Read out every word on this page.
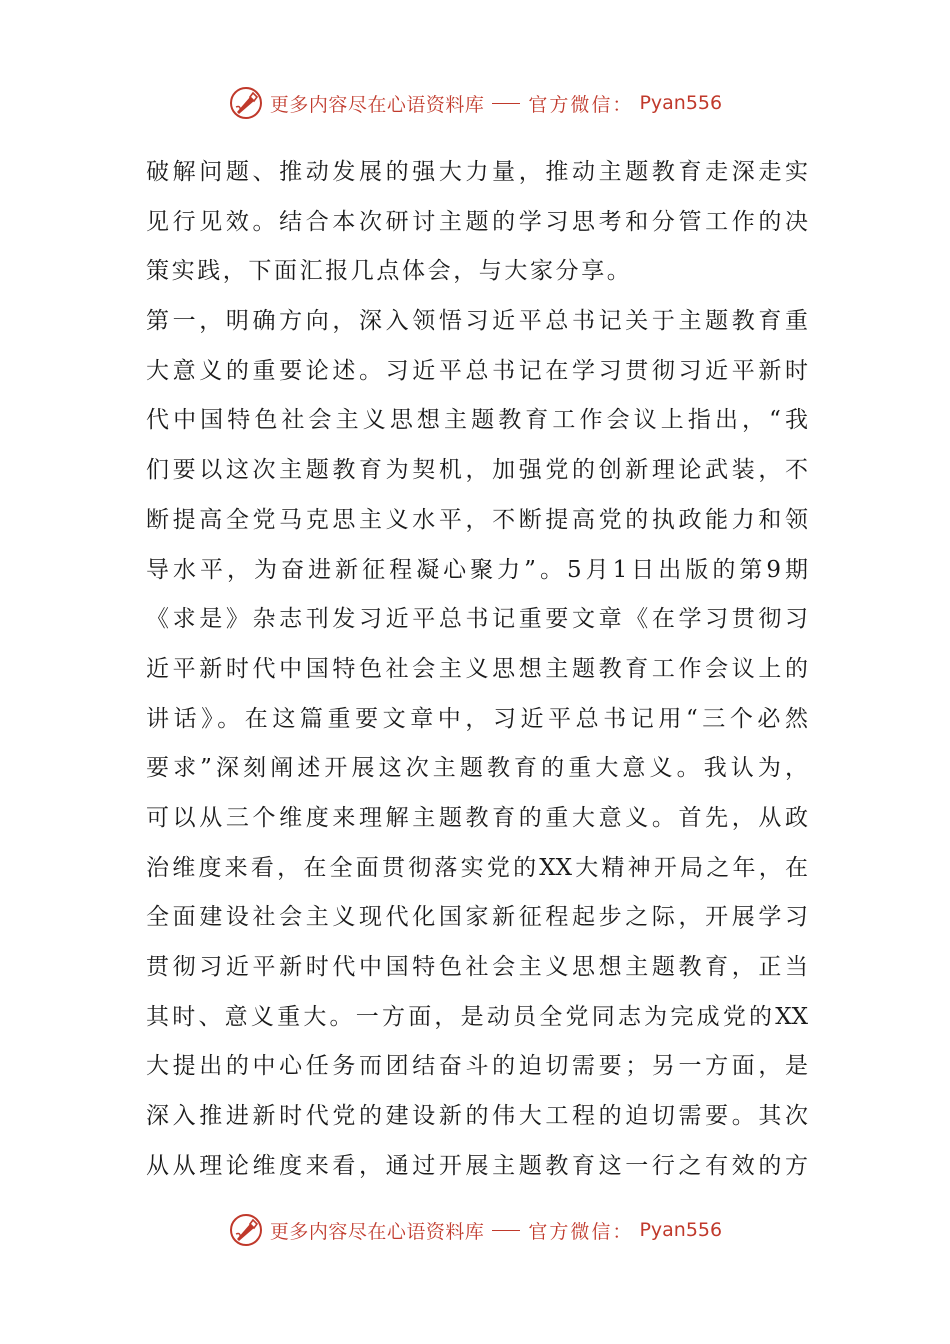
更多内容尽在心语资料库 官方微信： Pyan556
破解问题、推动发展的强大力量，推动主题教育走深走实
见行见效。结合本次研讨主题的学习思考和分管工作的决
策实践，下面汇报几点体会，与大家分享。
第一，明确方向，深入领悟习近平总书记关于主题教育重
大意义的重要论述。习近平总书记在学习贯彻习近平新时
代中国特色社会主义思想主题教育工作会议上指出，“我
们要以这次主题教育为契机，加强党的创新理论武装，不
断提高全党马克思主义水平，不断提高党的执政能力和领
导水平，为奋进新征程凝心聚力”。5月1日出版的第9期
《求是》杂志刊发习近平总书记重要文章《在学习贯彻习
近平新时代中国特色社会主义思想主题教育工作会议上的
讲话》。在这篇重要文章中，习近平总书记用“三个必然
要求”深刻阐述开展这次主题教育的重大意义。我认为，
可以从三个维度来理解主题教育的重大意义。首先，从政
治维度来看，在全面贯彻落实党的XX大精神开局之年，在
全面建设社会主义现代化国家新征程起步之际，开展学习
贯彻习近平新时代中国特色社会主义思想主题教育，正当
其时、意义重大。一方面，是动员全党同志为完成党的XX
大提出的中心任务而团结奋斗的迫切需要；另一方面，是
深入推进新时代党的建设新的伟大工程的迫切需要。其次
从从理论维度来看，通过开展主题教育这一行之有效的方
更多内容尽在心语资料库 官方微信： Pyan556
